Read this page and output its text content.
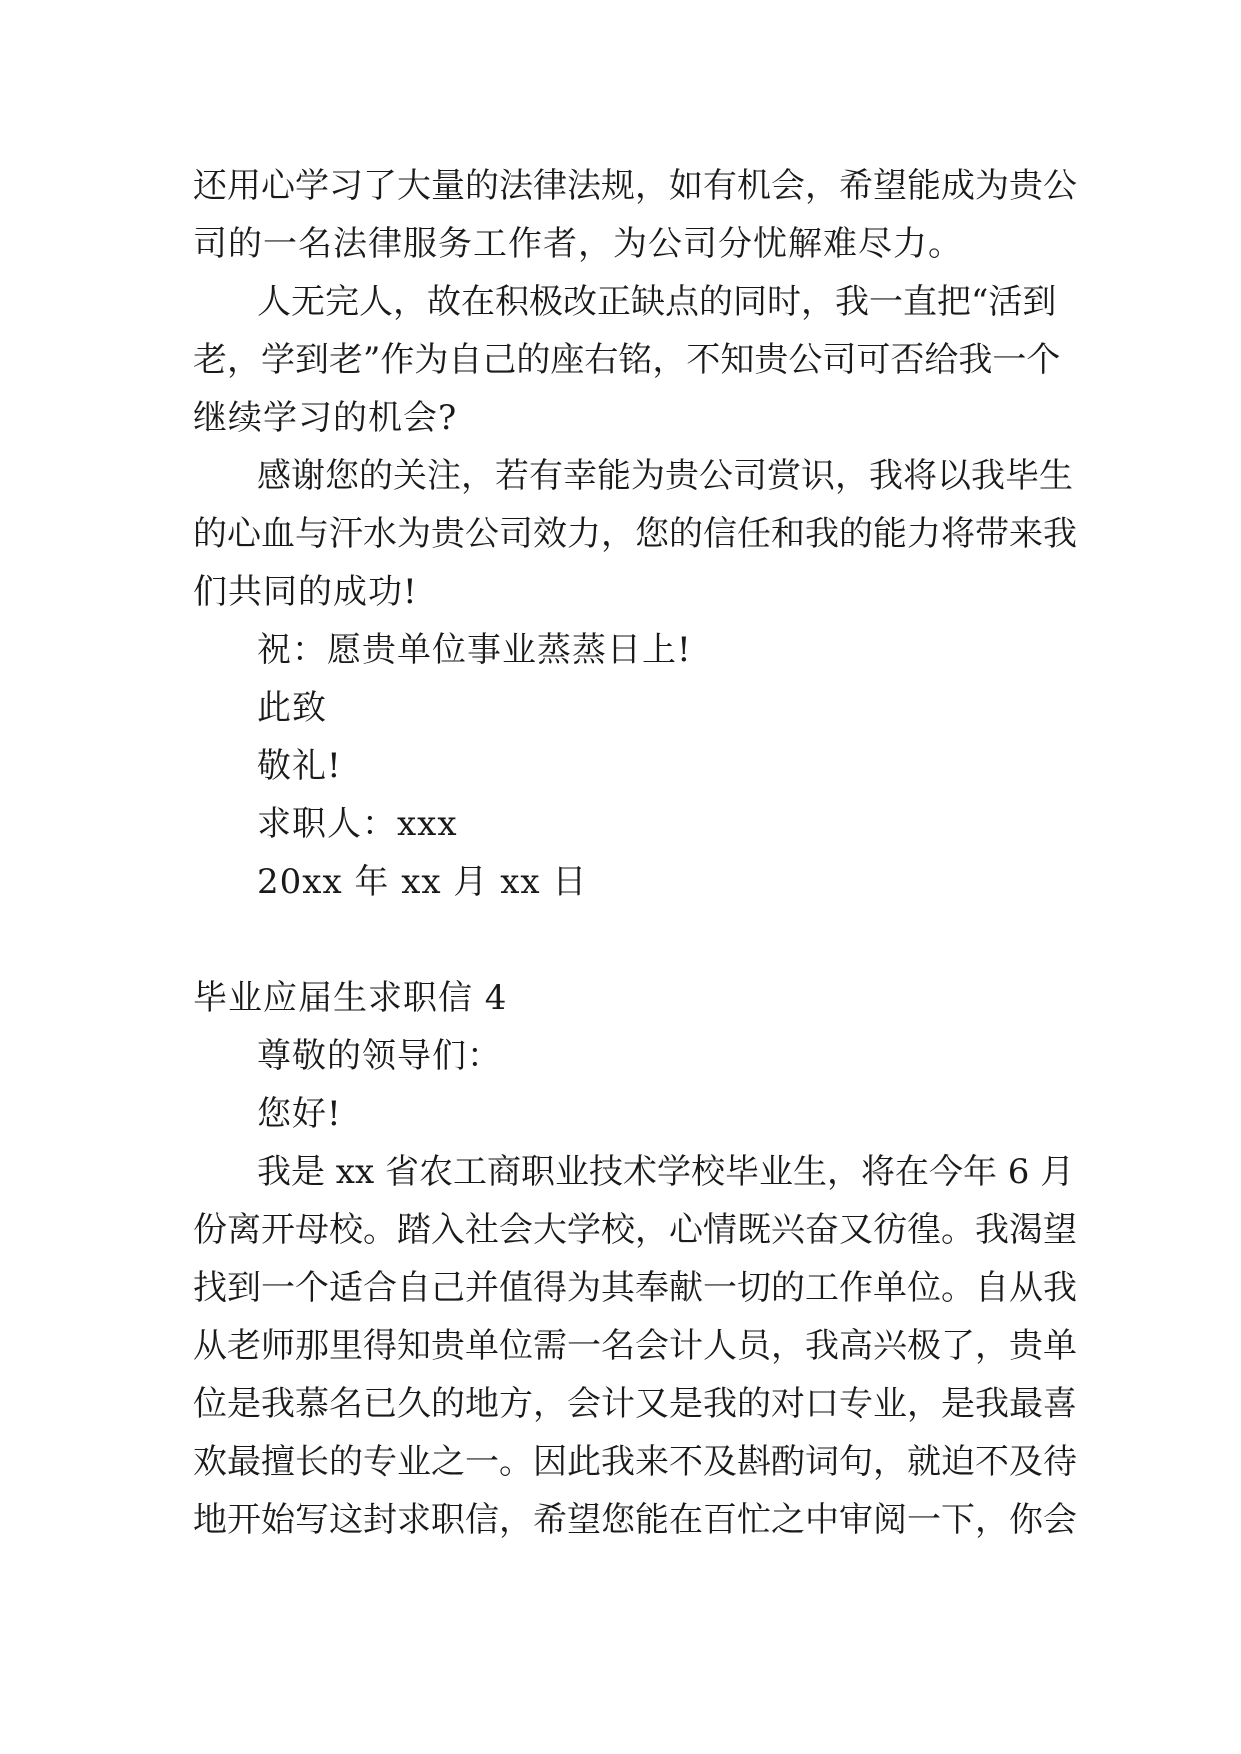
还用心学习了大量的法律法规，如有机会，希望能成为贵公
司的一名法律服务工作者，为公司分忧解难尽力。
人无完人，故在积极改正缺点的同时，我一直把“活到
老，学到老”作为自己的座右铭，不知贵公司可否给我一个
继续学习的机会?
感谢您的关注，若有幸能为贵公司赏识，我将以我毕生
的心血与汗水为贵公司效力，您的信任和我的能力将带来我
们共同的成功!
祝：愿贵单位事业蒸蒸日上!
此致
敬礼!
求职人：xxx
20xx 年 xx 月 xx 日
毕业应届生求职信 4
尊敬的领导们：
您好!
我是 xx 省农工商职业技术学校毕业生，将在今年 6 月
份离开母校。踏入社会大学校，心情既兴奋又彷徨。我渴望
找到一个适合自己并值得为其奉献一切的工作单位。自从我
从老师那里得知贵单位需一名会计人员，我高兴极了，贵单
位是我慕名已久的地方，会计又是我的对口专业，是我最喜
欢最擅长的专业之一。因此我来不及斟酌词句，就迫不及待
地开始写这封求职信，希望您能在百忙之中审阅一下，你会
